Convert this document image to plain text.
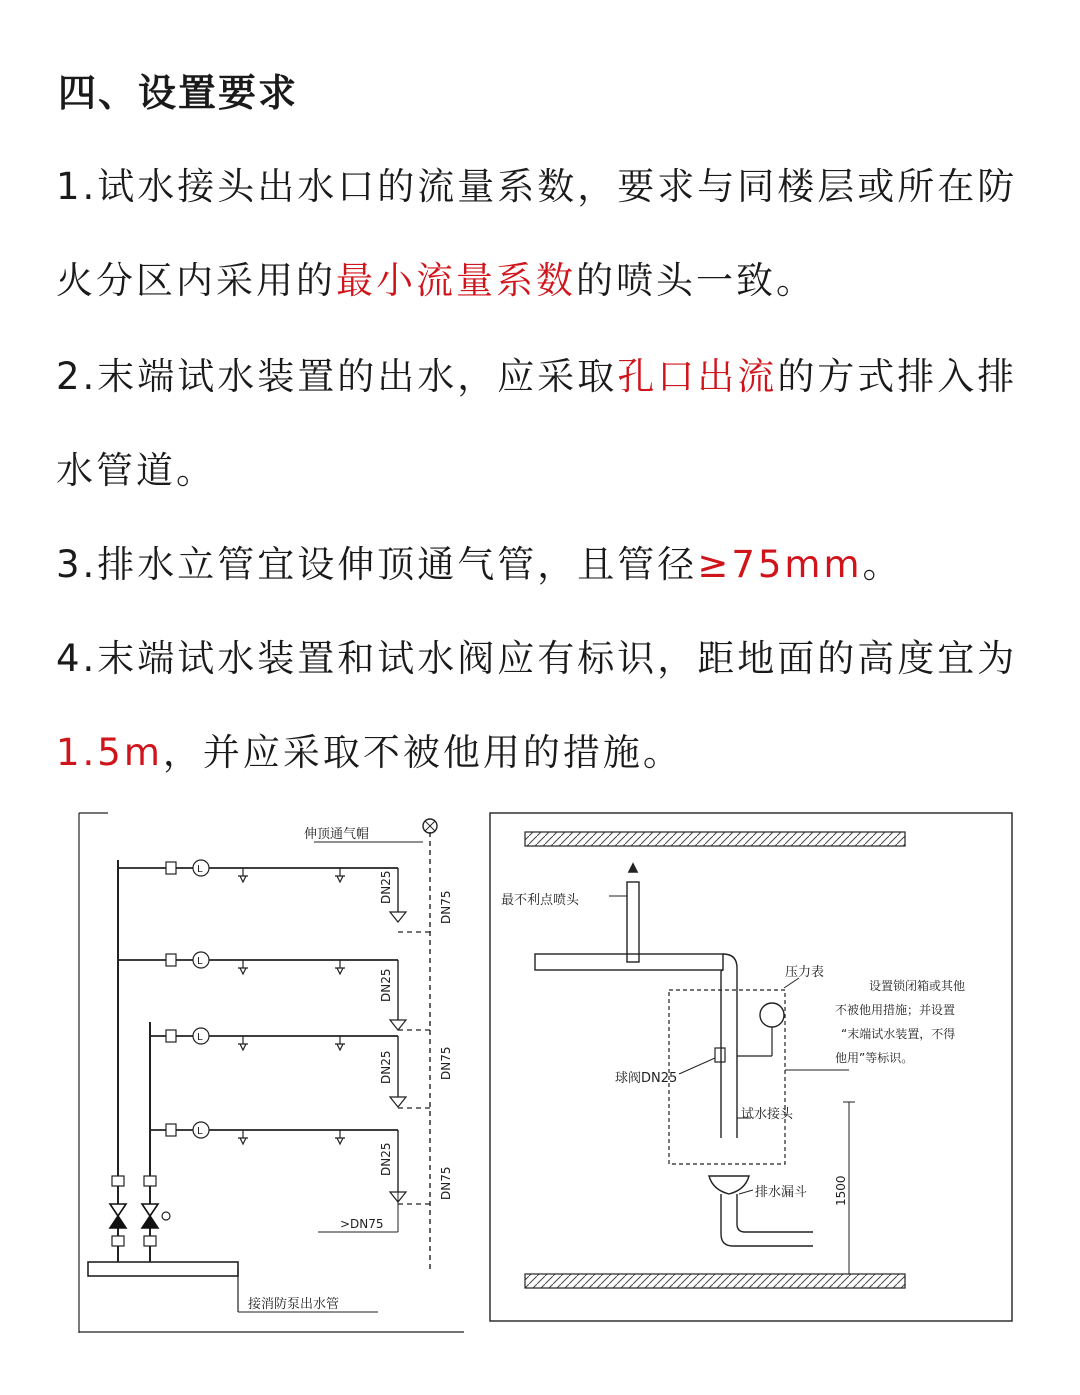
四、设置要求

1.试水接头出水口的流量系数，要求与同楼层或所在防火分区内采用的最小流量系数的喷头一致。

2.末端试水装置的出水，应采取孔口出流的方式排入排水管道。

3.排水立管宜设伸顶通气管，且管径≥75mm。

4.末端试水装置和试水阀应有标识，距地面的高度宜为1.5m，并应采取不被他用的措施。

伸顶通气帽
L
L
L
L
DN25
DN25
DN25
DN25
DN75
DN75
DN75
>DN75
接消防泵出水管
最不利点喷头
压力表
设置锁闭箱或其他
不被他用措施；并设置
“末端试水装置，不得
他用”等标识。
球阀DN25
试水接头
排水漏斗 1500
